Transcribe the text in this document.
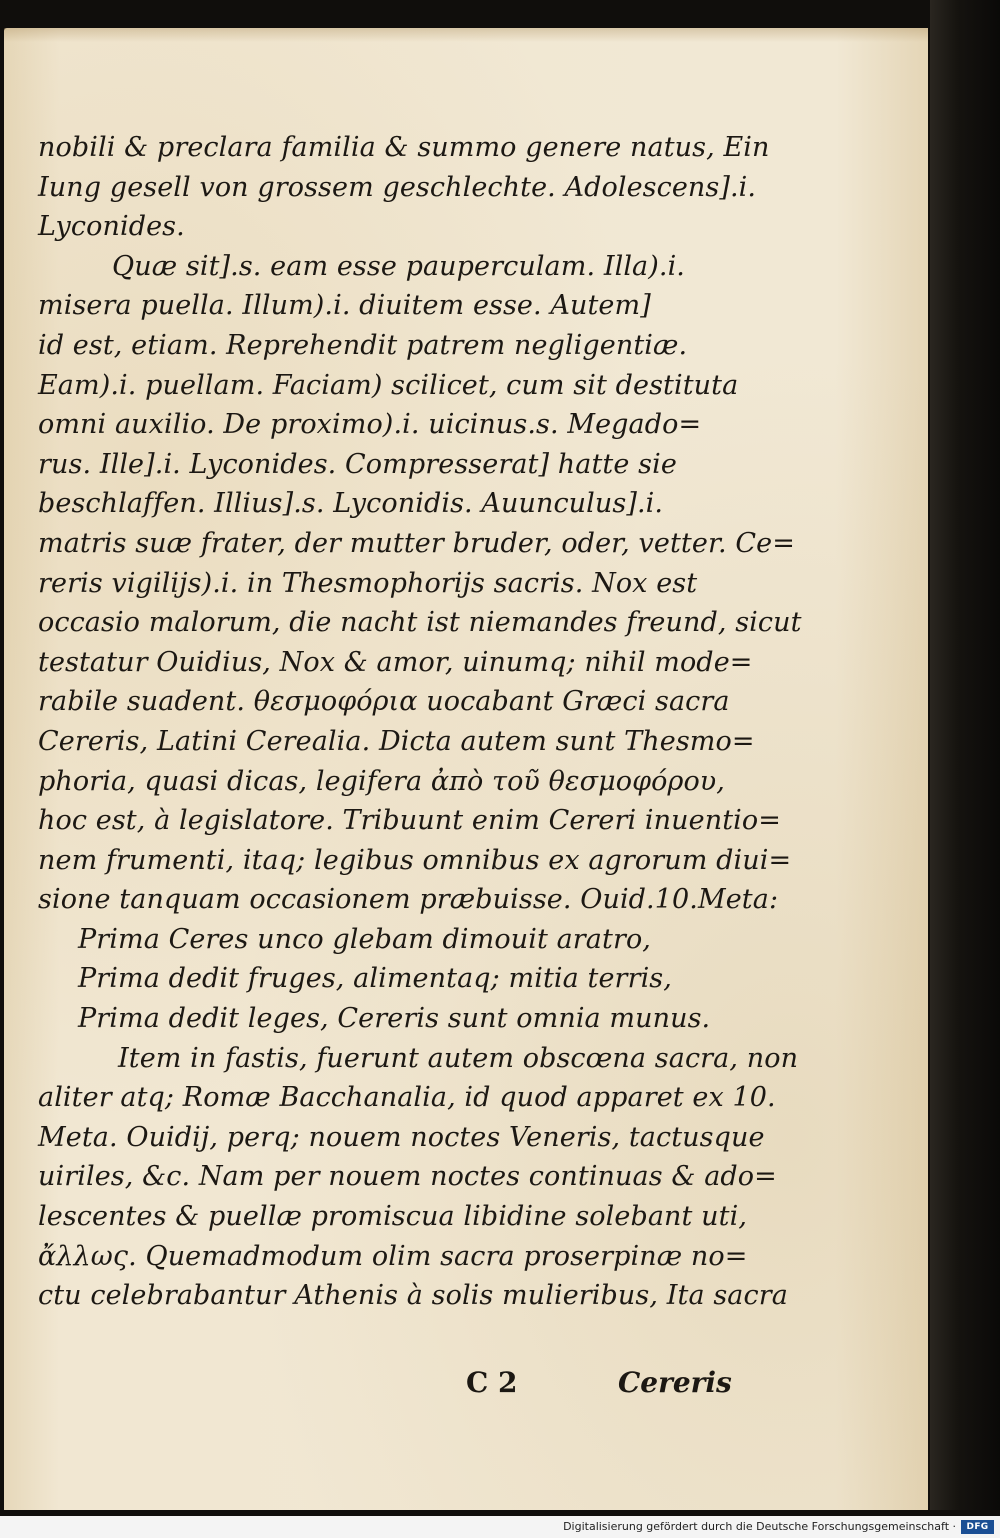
nobili & preclara familia & summo genere natus, Ein
Iung gesell von grossem geschlechte. Adolescens].i.
Lyconides.
Quæ sit].s. eam esse pauperculam. Illa).i.
misera puella. Illum).i. diuitem esse. Autem]
id est, etiam. Reprehendit patrem negligentiæ.
Eam).i. puellam. Faciam) scilicet, cum sit destituta
omni auxilio. De proximo).i. uicinus.s. Megado=
rus. Ille].i. Lyconides. Compresserat] hatte sie
beschlaffen. Illius].s. Lyconidis. Auunculus].i.
matris suæ frater, der mutter bruder, oder, vetter. Ce=
reris vigilijs).i. in Thesmophorijs sacris. Nox est
occasio malorum, die nacht ist niemandes freund, sicut
testatur Ouidius, Nox & amor, uinumq; nihil mode=
rabile suadent. θεσμοφόρια uocabant Græci sacra
Cereris, Latini Cerealia. Dicta autem sunt Thesmo=
phoria, quasi dicas, legifera ἀπὸ τοῦ θεσμοφόρου,
hoc est, à legislatore. Tribuunt enim Cereri inuentio=
nem frumenti, itaq; legibus omnibus ex agrorum diui=
sione tanquam occasionem præbuisse. Ouid.10.Meta:
Prima Ceres unco glebam dimouit aratro,
Prima dedit fruges, alimentaq; mitia terris,
Prima dedit leges, Cereris sunt omnia munus.
Item in fastis, fuerunt autem obscœna sacra, non
aliter atq; Romæ Bacchanalia, id quod apparet ex 10.
Meta. Ouidij, perq; nouem noctes Veneris, tactusque
uiriles, &c. Nam per nouem noctes continuas & ado=
lescentes & puellæ promiscua libidine solebant uti,
ἄλλως. Quemadmodum olim sacra proserpinæ no=
ctu celebrabantur Athenis à solis mulieribus, Ita sacra
C 2	Cereris
Digitalisierung gefördert durch die Deutsche Forschungsgemeinschaft ·	DFG
